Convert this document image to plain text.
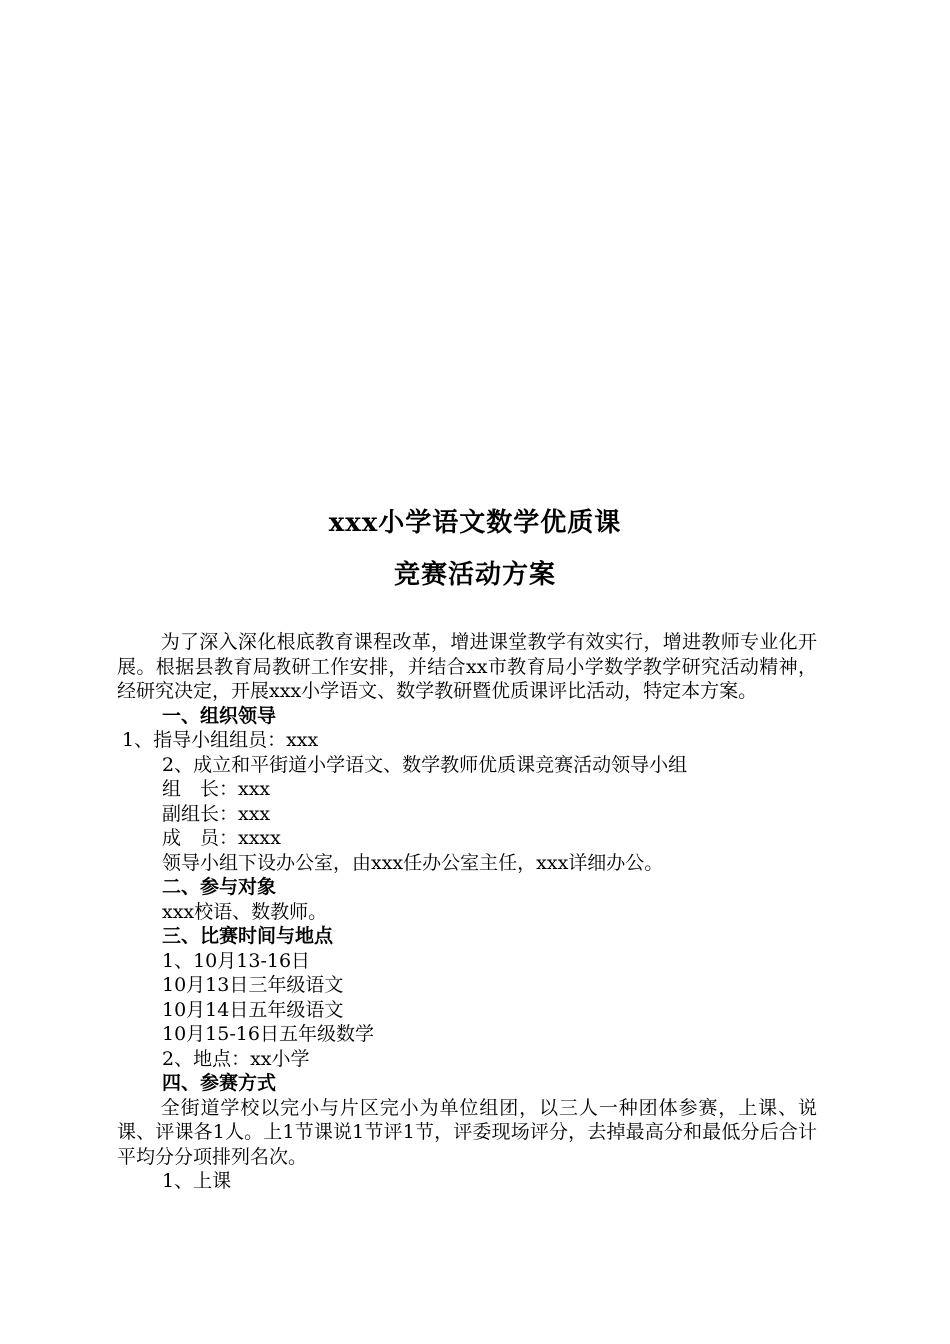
xxx小学语文数学优质课
竞赛活动方案

为了深入深化根底教育课程改革，增进课堂教学有效实行，增进教师专业化开展。根据县教育局教研工作安排，并结合xx市教育局小学数学教学研究活动精神，经研究决定，开展xxx小学语文、数学教研暨优质课评比活动，特定本方案。

一、组织领导

1、指导小组组员：xxx

2、成立和平街道小学语文、数学教师优质课竞赛活动领导小组

组　长：xxx

副组长：xxx

成　员：xxxx

领导小组下设办公室，由xxx任办公室主任，xxx详细办公。

二、参与对象

xxx校语、数教师。

三、比赛时间与地点

1、10月13-16日

10月13日三年级语文

10月14日五年级语文

10月15-16日五年级数学

2、地点：xx小学

四、参赛方式

全街道学校以完小与片区完小为单位组团，以三人一种团体参赛，上课、说课、评课各1人。上1节课说1节评1节，评委现场评分，去掉最高分和最低分后合计平均分分项排列名次。

1、上课
